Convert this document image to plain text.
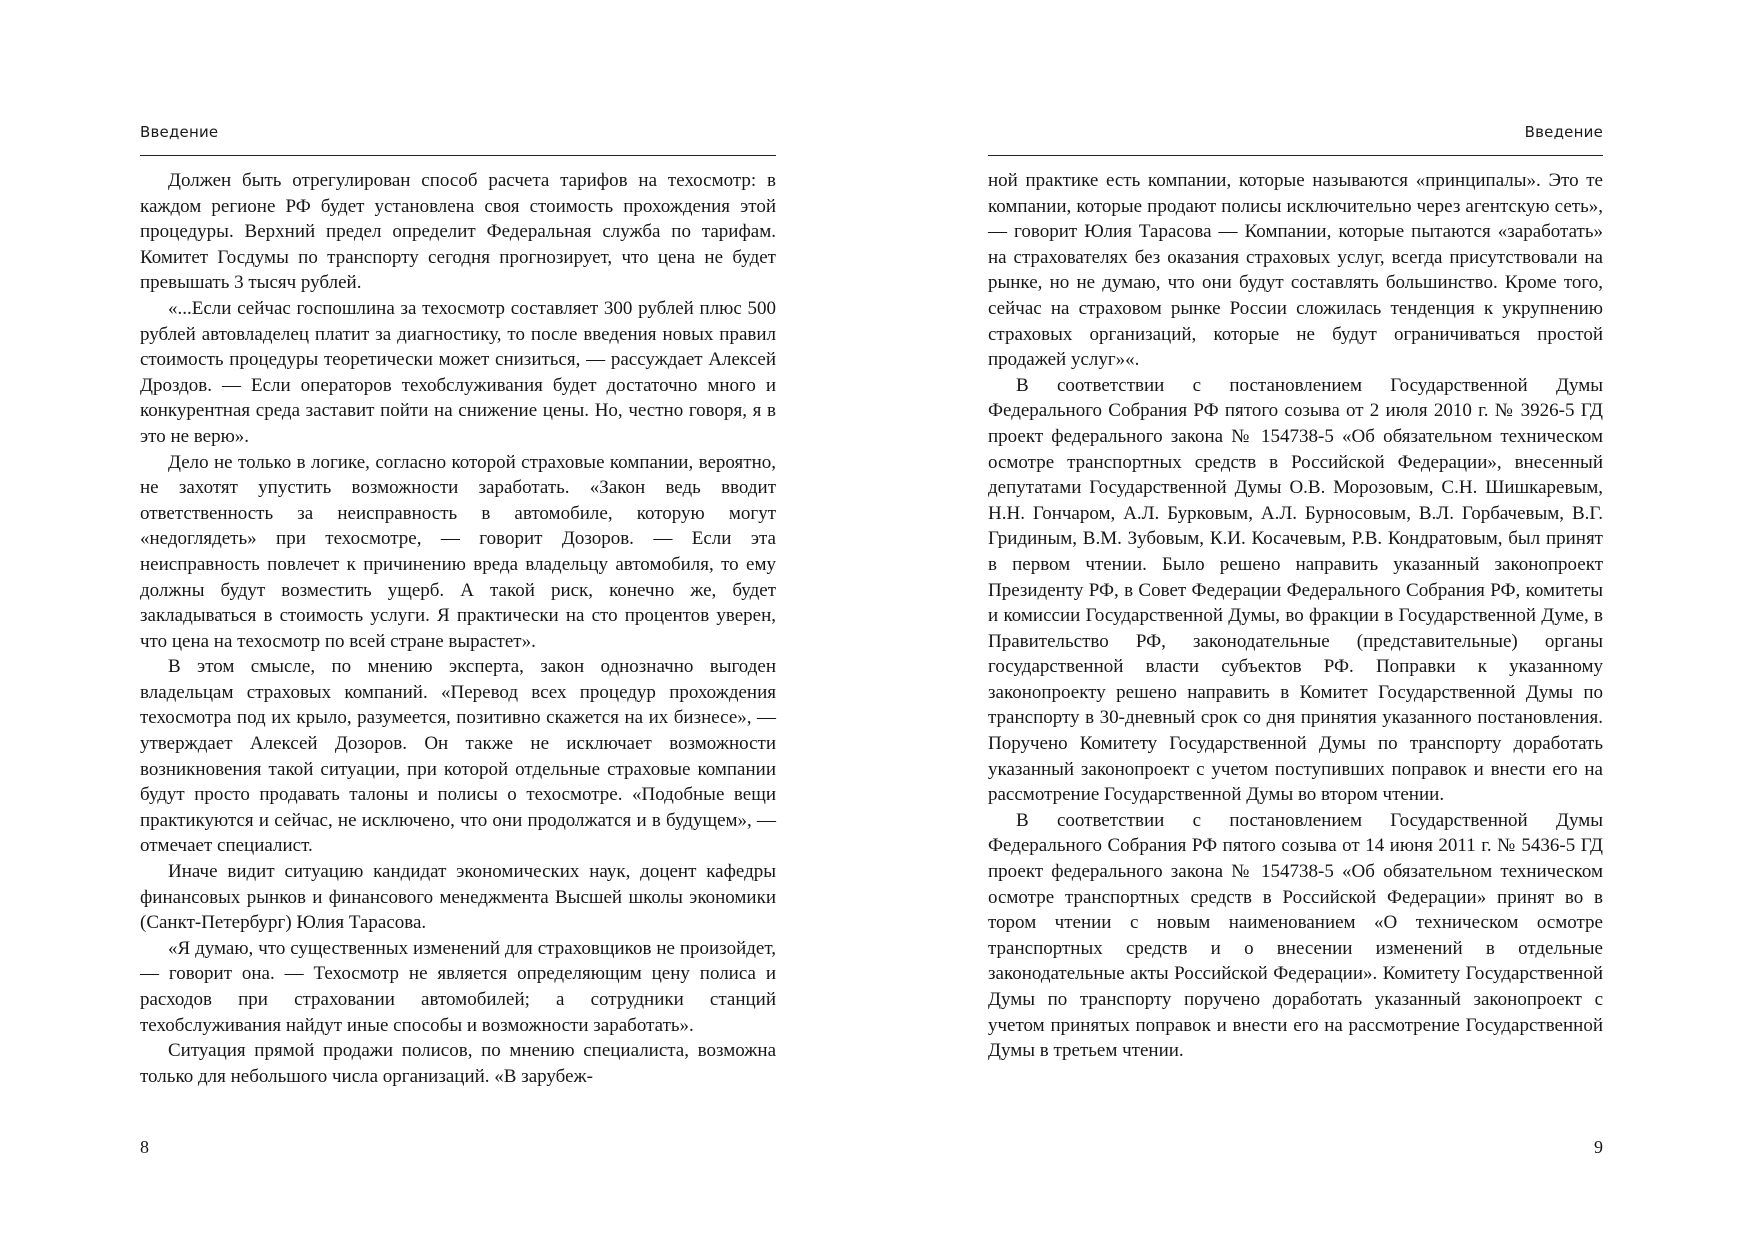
Введение

Должен быть отрегулирован способ расчета тарифов на техосмотр: в каждом регионе РФ будет установлена своя стоимость прохождения этой процедуры. Верхний предел определит Федеральная служба по тарифам. Комитет Госдумы по транспорту сегодня прогнозирует, что цена не будет превышать 3 тысяч рублей.

«...Если сейчас госпошлина за техосмотр составляет 300 рублей плюс 500 рублей автовладелец платит за диагностику, то после введения новых правил стоимость процедуры теоретически может снизиться, — рассуждает Алексей Дроздов. — Если операторов техобслуживания будет достаточно много и конкурентная среда заставит пойти на снижение цены. Но, честно говоря, я в это не верю».

Дело не только в логике, согласно которой страховые компании, вероятно, не захотят упустить возможности заработать. «Закон ведь вводит ответственность за неисправность в автомобиле, которую могут «недоглядеть» при техосмотре, — говорит Дозоров. — Если эта неисправность повлечет к причинению вреда владельцу автомобиля, то ему должны будут возместить ущерб. А такой риск, конечно же, будет закладываться в стоимость услуги. Я практически на сто процентов уверен, что цена на техосмотр по всей стране вырастет».

В этом смысле, по мнению эксперта, закон однозначно выгоден владельцам страховых компаний. «Перевод всех процедур прохождения техосмотра под их крыло, разумеется, позитивно скажется на их бизнесе», — утверждает Алексей Дозоров. Он также не исключает возможности возникновения такой ситуации, при которой отдельные страховые компании будут просто продавать талоны и полисы о техосмотре. «Подобные вещи практикуются и сейчас, не исключено, что они продолжатся и в будущем», — отмечает специалист.

Иначе видит ситуацию кандидат экономических наук, доцент кафедры финансовых рынков и финансового менеджмента Высшей школы экономики (Санкт-Петербург) Юлия Тарасова.

«Я думаю, что существенных изменений для страховщиков не произойдет, — говорит она. — Техосмотр не является определяющим цену полиса и расходов при страховании автомобилей; а сотрудники станций техобслуживания найдут иные способы и возможности заработать».

Ситуация прямой продажи полисов, по мнению специалиста, возможна только для небольшого числа организаций. «В зарубеж-

8
Введение

ной практике есть компании, которые называются «принципалы». Это те компании, которые продают полисы исключительно через агентскую сеть», — говорит Юлия Тарасова — Компании, которые пытаются «заработать» на страхователях без оказания страховых услуг, всегда присутствовали на рынке, но не думаю, что они будут составлять большинство. Кроме того, сейчас на страховом рынке России сложилась тенденция к укрупнению страховых организаций, которые не будут ограничиваться простой продажей услуг»«.

В соответствии с постановлением Государственной Думы Федерального Собрания РФ пятого созыва от 2 июля 2010 г. № 3926-5 ГД проект федерального закона № 154738-5 «Об обязательном техническом осмотре транспортных средств в Российской Федерации», внесенный депутатами Государственной Думы О.В. Морозовым, С.Н. Шишкаревым, Н.Н. Гончаром, А.Л. Бурковым, А.Л. Бурносовым, В.Л. Горбачевым, В.Г. Гридиным, В.М. Зубовым, К.И. Косачевым, Р.В. Кондратовым, был принят в первом чтении. Было решено направить указанный законопроект Президенту РФ, в Совет Федерации Федерального Собрания РФ, комитеты и комиссии Государственной Думы, во фракции в Государственной Думе, в Правительство РФ, законодательные (представительные) органы государственной власти субъектов РФ. Поправки к указанному законопроекту решено направить в Комитет Государственной Думы по транспорту в 30-дневный срок со дня принятия указанного постановления. Поручено Комитету Государственной Думы по транспорту доработать указанный законопроект с учетом поступивших поправок и внести его на рассмотрение Государственной Думы во втором чтении.

В соответствии с постановлением Государственной Думы Федерального Собрания РФ пятого созыва от 14 июня 2011 г. № 5436-5 ГД проект федерального закона № 154738-5 «Об обязательном техническом осмотре транспортных средств в Российской Федерации» принят во в тором чтении с новым наименованием «О техническом осмотре транспортных средств и о внесении изменений в отдельные законодательные акты Российской Федерации». Комитету Государственной Думы по транспорту поручено доработать указанный законопроект с учетом принятых поправок и внести его на рассмотрение Государственной Думы в третьем чтении.

9
